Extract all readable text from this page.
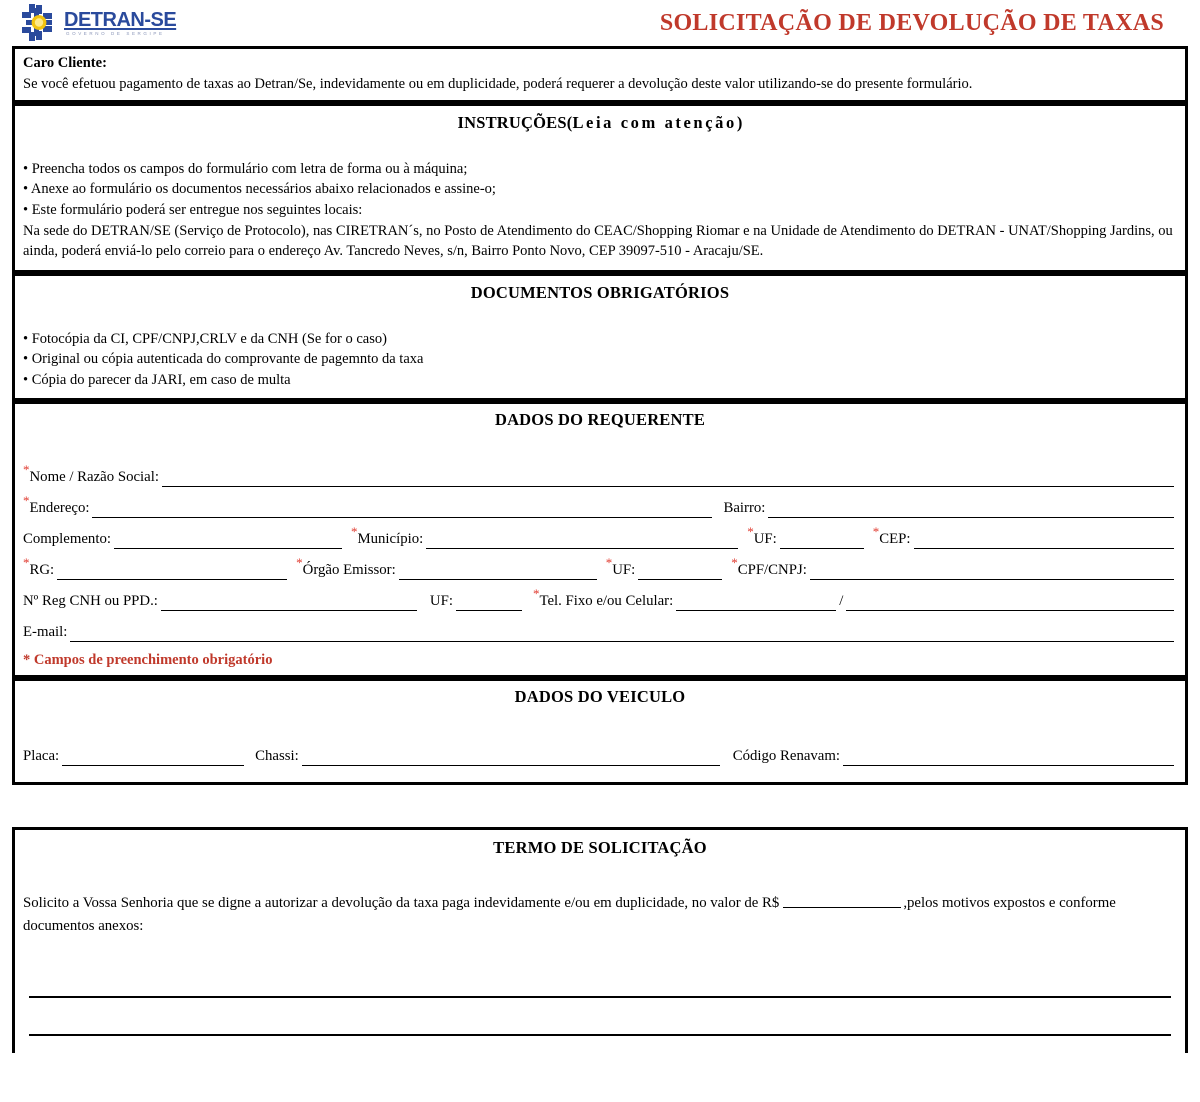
DETRAN-SE
GOVERNO DE SERGIPE	SOLICITAÇÃO DE DEVOLUÇÃO DE TAXAS
Caro Cliente:
Se você efetuou pagamento de taxas ao Detran/Se, indevidamente ou em duplicidade, poderá requerer a devolução deste valor utilizando-se do presente formulário.
INSTRUÇÕES(Leia com atenção)
• Preencha todos os campos do formulário com letra de forma ou à máquina;
• Anexe ao formulário os documentos necessários abaixo relacionados e assine-o;
• Este formulário poderá ser entregue nos seguintes locais:
Na sede do DETRAN/SE (Serviço de Protocolo), nas CIRETRAN´s, no Posto de Atendimento do CEAC/Shopping Riomar e na Unidade de Atendimento do DETRAN - UNAT/Shopping Jardins, ou ainda, poderá enviá-lo pelo correio para o endereço Av. Tancredo Neves, s/n, Bairro Ponto Novo, CEP 39097-510 - Aracaju/SE.
DOCUMENTOS OBRIGATÓRIOS
• Fotocópia da CI, CPF/CNPJ,CRLV e da CNH (Se for o caso)
• Original ou cópia autenticada do comprovante de pagemnto da taxa
• Cópia do parecer da JARI, em caso de multa
DADOS DO REQUERENTE
*Nome / Razão Social:
*Endereço:	Bairro:
Complemento:	*Município:	*UF:	*CEP:
*RG:	*Órgão Emissor:	*UF:	*CPF/CNPJ:
Nº Reg CNH ou PPD.:	UF:	*Tel. Fixo e/ou Celular:	/
E-mail:
* Campos de preenchimento obrigatório
DADOS DO VEICULO
Placa:	Chassi:	Código Renavam:
TERMO DE SOLICITAÇÃO
Solicito a Vossa Senhoria que se digne a autorizar a devolução da taxa paga indevidamente e/ou em duplicidade, no valor de R$	,pelos motivos expostos e conforme documentos anexos:
